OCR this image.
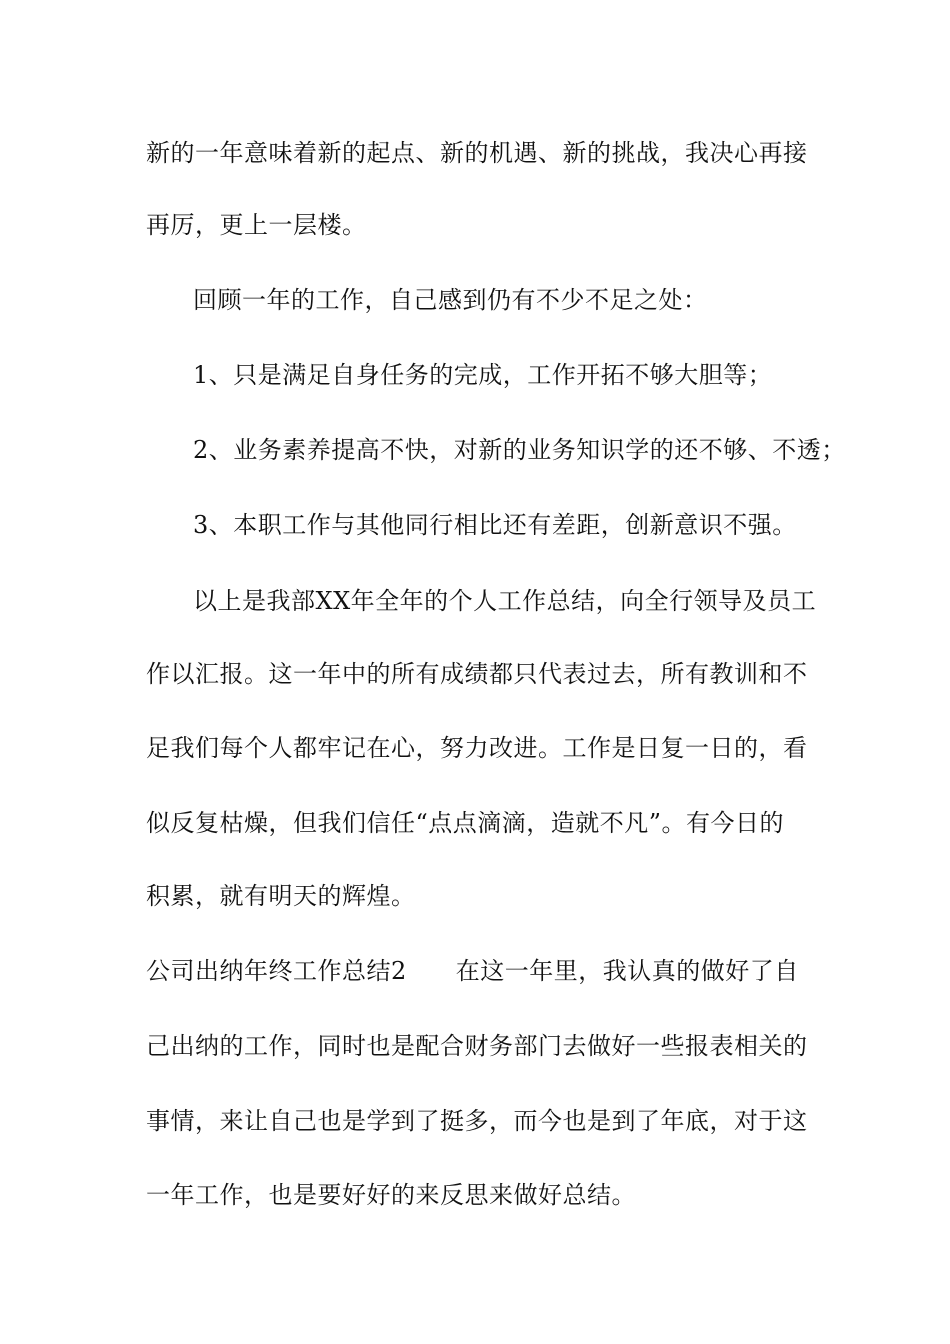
新的一年意味着新的起点、新的机遇、新的挑战，我决心再接
再厉，更上一层楼。
回顾一年的工作，自己感到仍有不少不足之处：
1、只是满足自身任务的完成，工作开拓不够大胆等；
2、业务素养提高不快，对新的业务知识学的还不够、不透；
3、本职工作与其他同行相比还有差距，创新意识不强。
以上是我部XX年全年的个人工作总结，向全行领导及员工
作以汇报。这一年中的所有成绩都只代表过去，所有教训和不
足我们每个人都牢记在心，努力改进。工作是日复一日的，看
似反复枯燥，但我们信任“点点滴滴，造就不凡”。有今日的
积累，就有明天的辉煌。
公司出纳年终工作总结2　　在这一年里，我认真的做好了自
己出纳的工作，同时也是配合财务部门去做好一些报表相关的
事情，来让自己也是学到了挺多，而今也是到了年底，对于这
一年工作，也是要好好的来反思来做好总结。
